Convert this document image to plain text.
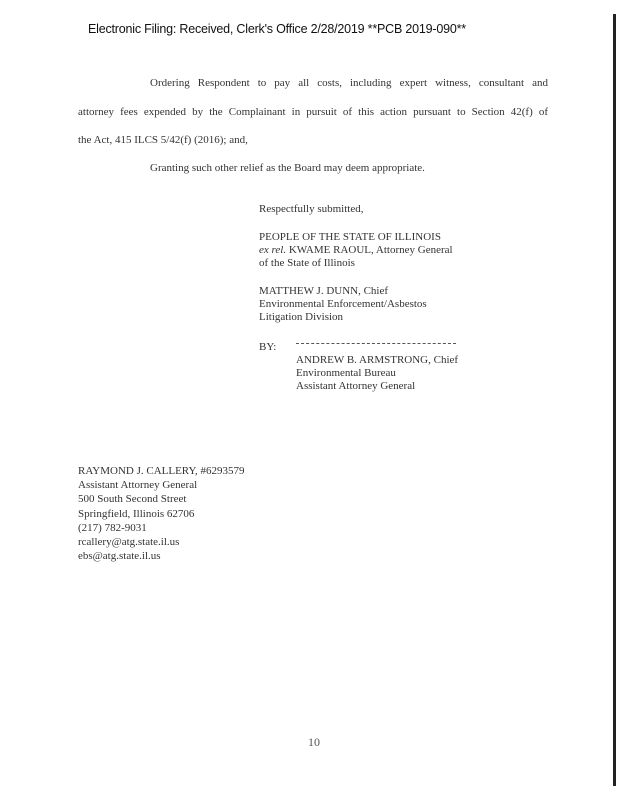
Electronic Filing: Received, Clerk's Office 2/28/2019 **PCB 2019-090**
Ordering Respondent to pay all costs, including expert witness, consultant and
attorney fees expended by the Complainant in pursuit of this action pursuant to Section 42(f) of
the Act, 415 ILCS 5/42(f) (2016); and,
Granting such other relief as the Board may deem appropriate.
Respectfully submitted,
PEOPLE OF THE STATE OF ILLINOIS
ex rel. KWAME RAOUL, Attorney General
of the State of Illinois
MATTHEW J. DUNN, Chief
Environmental Enforcement/Asbestos
Litigation Division
BY:
ANDREW B. ARMSTRONG, Chief
Environmental Bureau
Assistant Attorney General
RAYMOND J. CALLERY, #6293579
Assistant Attorney General
500 South Second Street
Springfield, Illinois 62706
(217) 782-9031
rcallery@atg.state.il.us
ebs@atg.state.il.us
10
